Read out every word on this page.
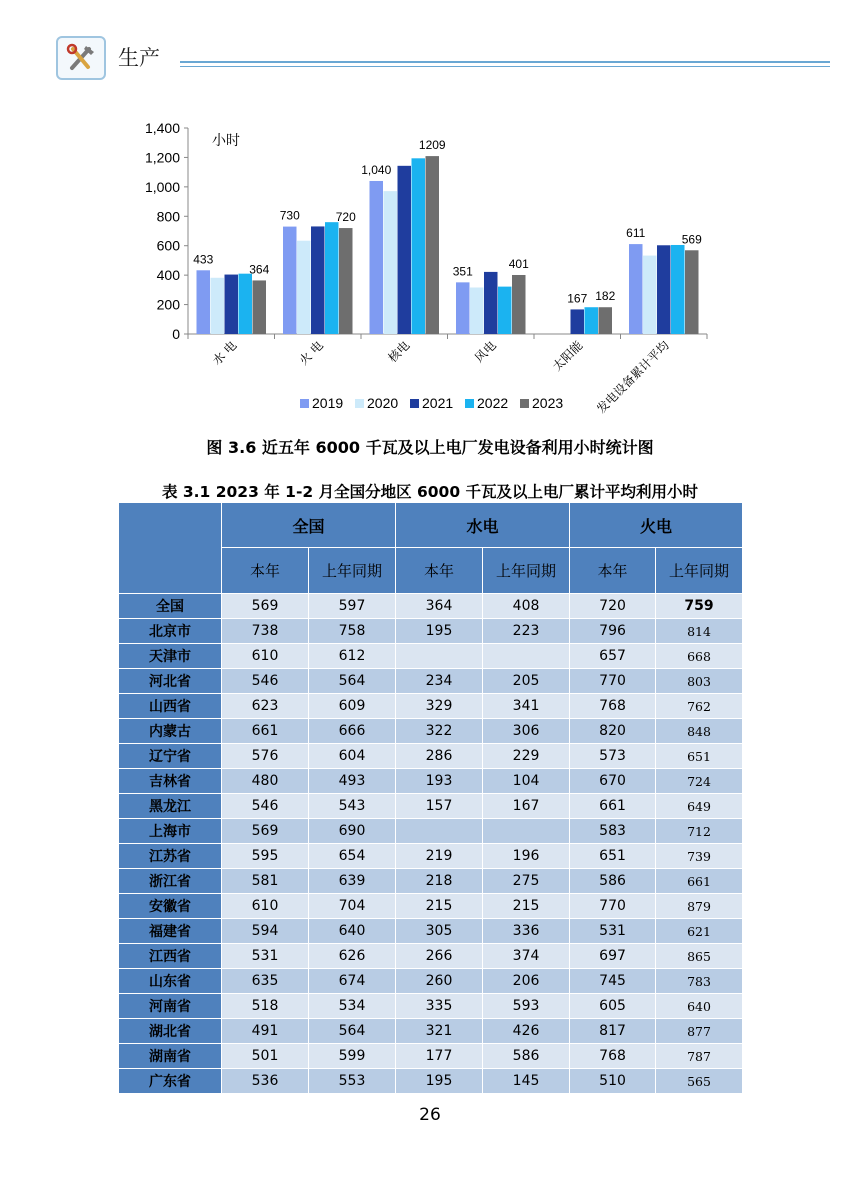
生产
0
200
400
600
800
1,000
1,200
1,400
小时
水 电	火 电	核电	风电	太阳能 发电设备累计平均
433
364
730	720
1,040
1209
351
401
167 182
611	569
2019 2020 2021 2022 2023
图 3.6 近五年 6000 千瓦及以上电厂发电设备利用小时统计图
表 3.1 2023 年 1-2 月全国分地区 6000 千瓦及以上电厂累计平均利用小时
	全国		水电		火电	
	本年	上年同期	本年	上年同期	本年	上年同期
全国	569	597	364	408	720	759
北京市	738	758	195	223	796	814
天津市	610	612			657	668
河北省	546	564	234	205	770	803
山西省	623	609	329	341	768	762
内蒙古	661	666	322	306	820	848
辽宁省	576	604	286	229	573	651
吉林省	480	493	193	104	670	724
黑龙江	546	543	157	167	661	649
上海市	569	690			583	712
江苏省	595	654	219	196	651	739
浙江省	581	639	218	275	586	661
安徽省	610	704	215	215	770	879
福建省	594	640	305	336	531	621
江西省	531	626	266	374	697	865
山东省	635	674	260	206	745	783
河南省	518	534	335	593	605	640
湖北省	491	564	321	426	817	877
湖南省	501	599	177	586	768	787
广东省	536	553	195	145	510	565
26
